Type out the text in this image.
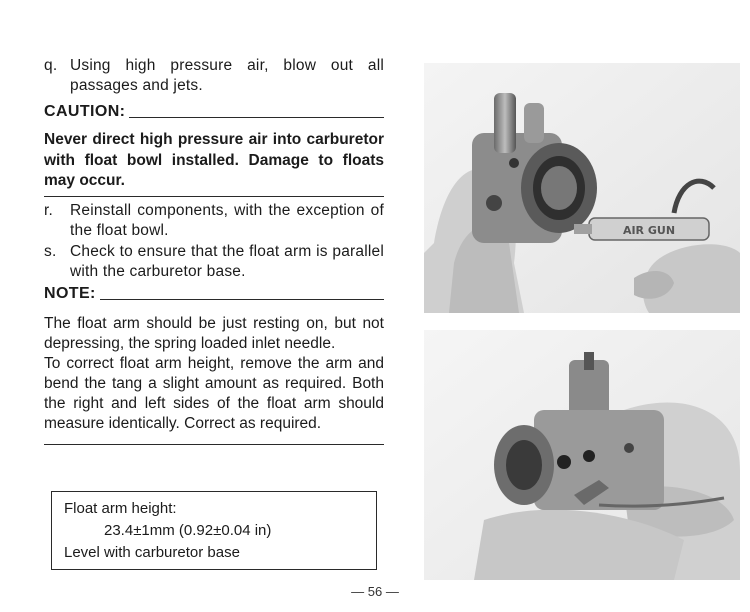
q. Using high pressure air, blow out all passages and jets.
CAUTION:
Never direct high pressure air into carburetor with float bowl installed. Damage to floats may occur.
r.	Reinstall components, with the exception of the float bowl.
s. Check to ensure that the float arm is parallel with the carburetor base.
NOTE:
The float arm should be just resting on, but not depressing, the spring loaded inlet needle.
To correct float arm height, remove the arm and bend the tang a slight amount as required. Both the right and left sides of the float arm should measure identically. Correct as required.
Float arm height:
23.4±1mm (0.92±0.04 in)
Level with carburetor base
AIR GUN
— 56 —
